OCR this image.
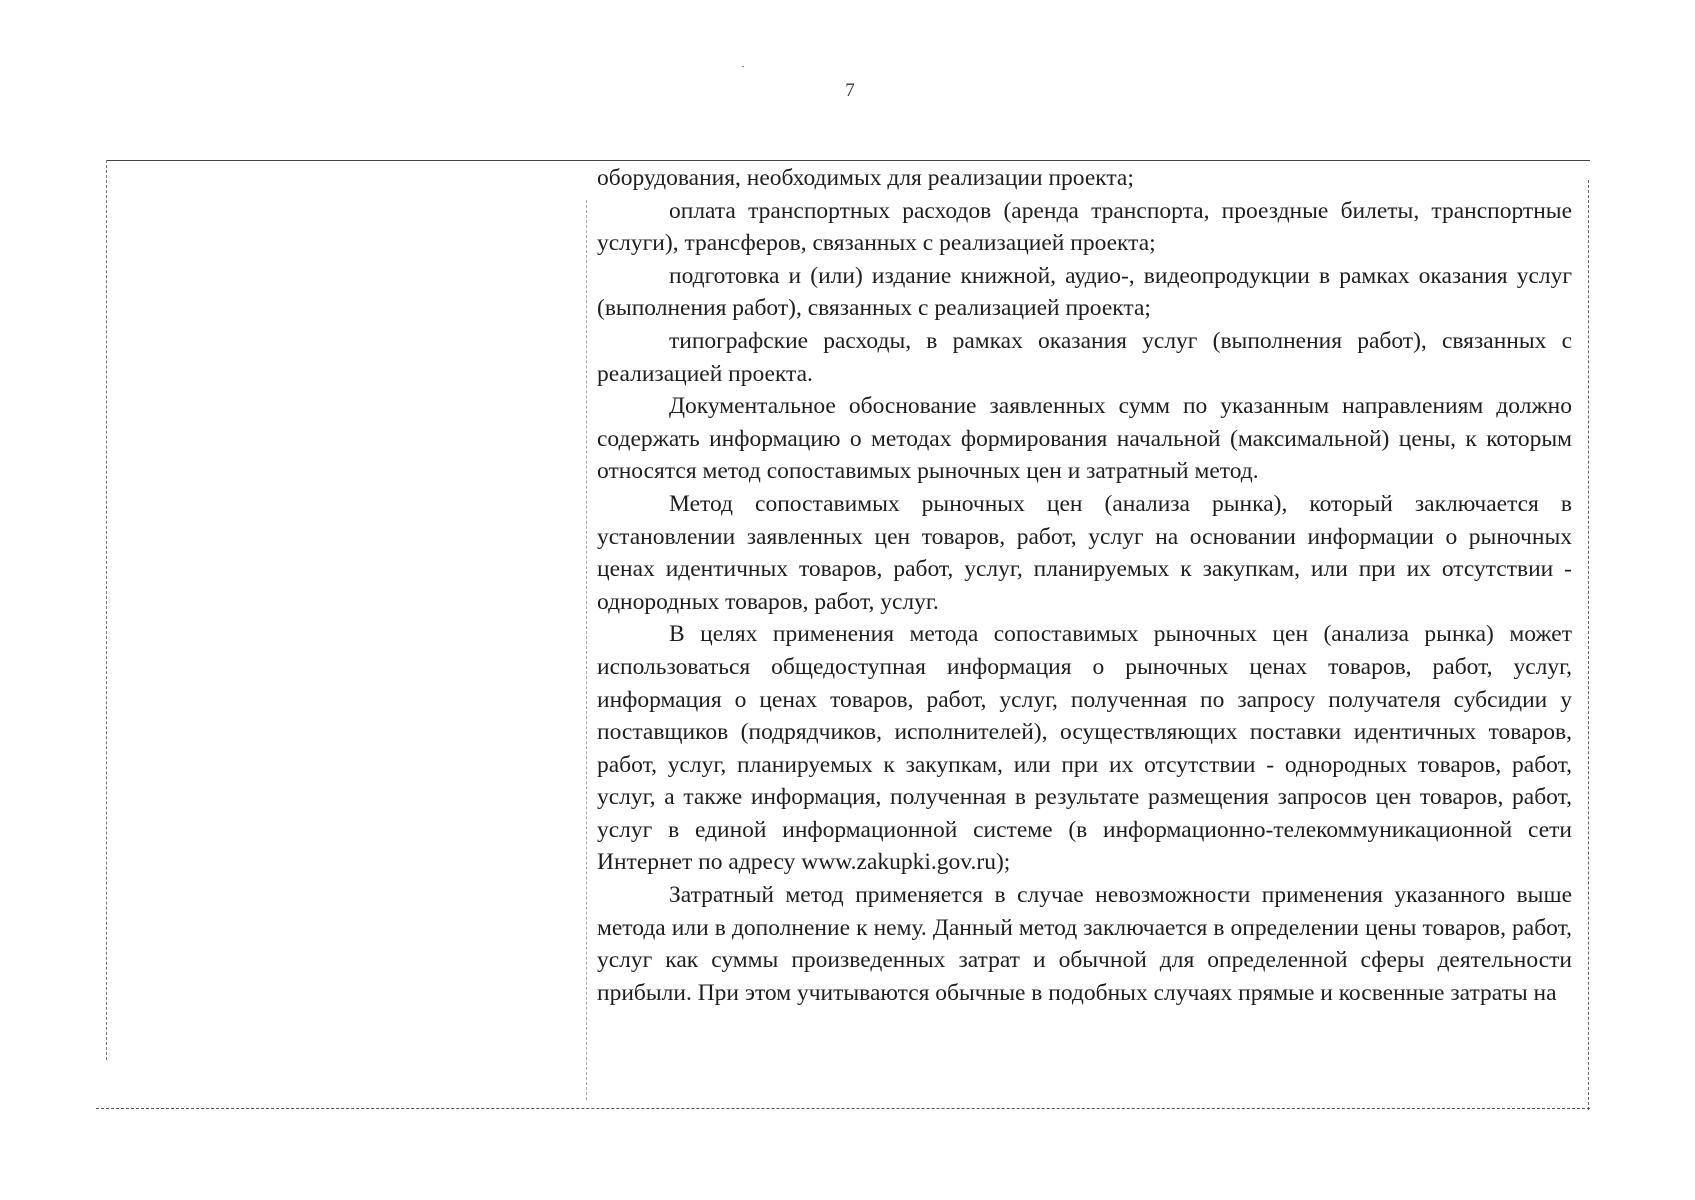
7

оборудования, необходимых для реализации проекта;

оплата транспортных расходов (аренда транспорта, проездные билеты, транспортные услуги), трансферов, связанных с реализацией проекта;

подготовка и (или) издание книжной, аудио-, видеопродукции в рамках оказания услуг (выполнения работ), связанных с реализацией проекта;

типографские расходы, в рамках оказания услуг (выполнения работ), связанных с реализацией проекта.

Документальное обоснование заявленных сумм по указанным направлениям должно содержать информацию о методах формирования начальной (максимальной) цены, к которым относятся метод сопоставимых рыночных цен и затратный метод.

Метод сопоставимых рыночных цен (анализа рынка), который заключается в установлении заявленных цен товаров, работ, услуг на основании информации о рыночных ценах идентичных товаров, работ, услуг, планируемых к закупкам, или при их отсутствии - однородных товаров, работ, услуг.

В целях применения метода сопоставимых рыночных цен (анализа рынка) может использоваться общедоступная информация о рыночных ценах товаров, работ, услуг, информация о ценах товаров, работ, услуг, полученная по запросу получателя субсидии у поставщиков (подрядчиков, исполнителей), осуществляющих поставки идентичных товаров, работ, услуг, планируемых к закупкам, или при их отсутствии - однородных товаров, работ, услуг, а также информация, полученная в результате размещения запросов цен товаров, работ, услуг в единой информационной системе (в информационно-телекоммуникационной сети Интернет по адресу www.zakupki.gov.ru);

Затратный метод применяется в случае невозможности применения указанного выше метода или в дополнение к нему. Данный метод заключается в определении цены товаров, работ, услуг как суммы произведенных затрат и обычной для определенной сферы деятельности прибыли. При этом учитываются обычные в подобных случаях прямые и косвенные затраты на
